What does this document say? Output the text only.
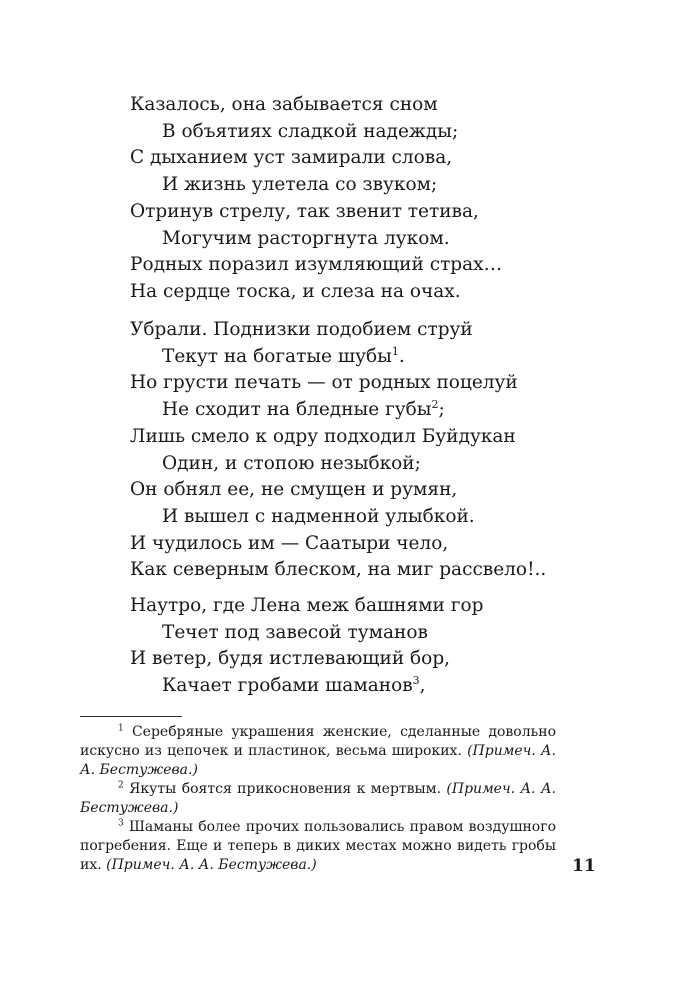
Казалось, она забывается сном
В объятиях сладкой надежды;
С дыханием уст замирали слова,
И жизнь улетела со звуком;
Отринув стрелу, так звенит тетива,
Могучим расторгнута луком.
Родных поразил изумляющий страх…
На сердце тоска, и слеза на очах.
Убрали. Поднизки подобием струй
Текут на богатые шубы$^1$.
Но грусти печать — от родных поцелуй
Не сходит на бледные губы$^2$;
Лишь смело к одру подходил Буйдукан
Один, и стопою незыбкой;
Он обнял ее, не смущен и румян,
И вышел с надменной улыбкой.
И чудилось им — Саатыри чело,
Как северным блеском, на миг рассвело!..
Наутро, где Лена меж башнями гор
Течет под завесой туманов
И ветер, будя истлевающий бор,
Качает гробами шаманов$^3$,
$^1$ Серебряные украшения женские, сделанные довольно искусно из цепочек и пластинок, весьма широких. (Примеч. А. А. Бестужева.)
$^2$ Якуты боятся прикосновения к мертвым. (Примеч. А. А. Бестужева.)
$^3$ Шаманы более прочих пользовались правом воздушного погребения. Еще и теперь в диких местах можно видеть гробы их. (Примеч. А. А. Бестужева.)	11
